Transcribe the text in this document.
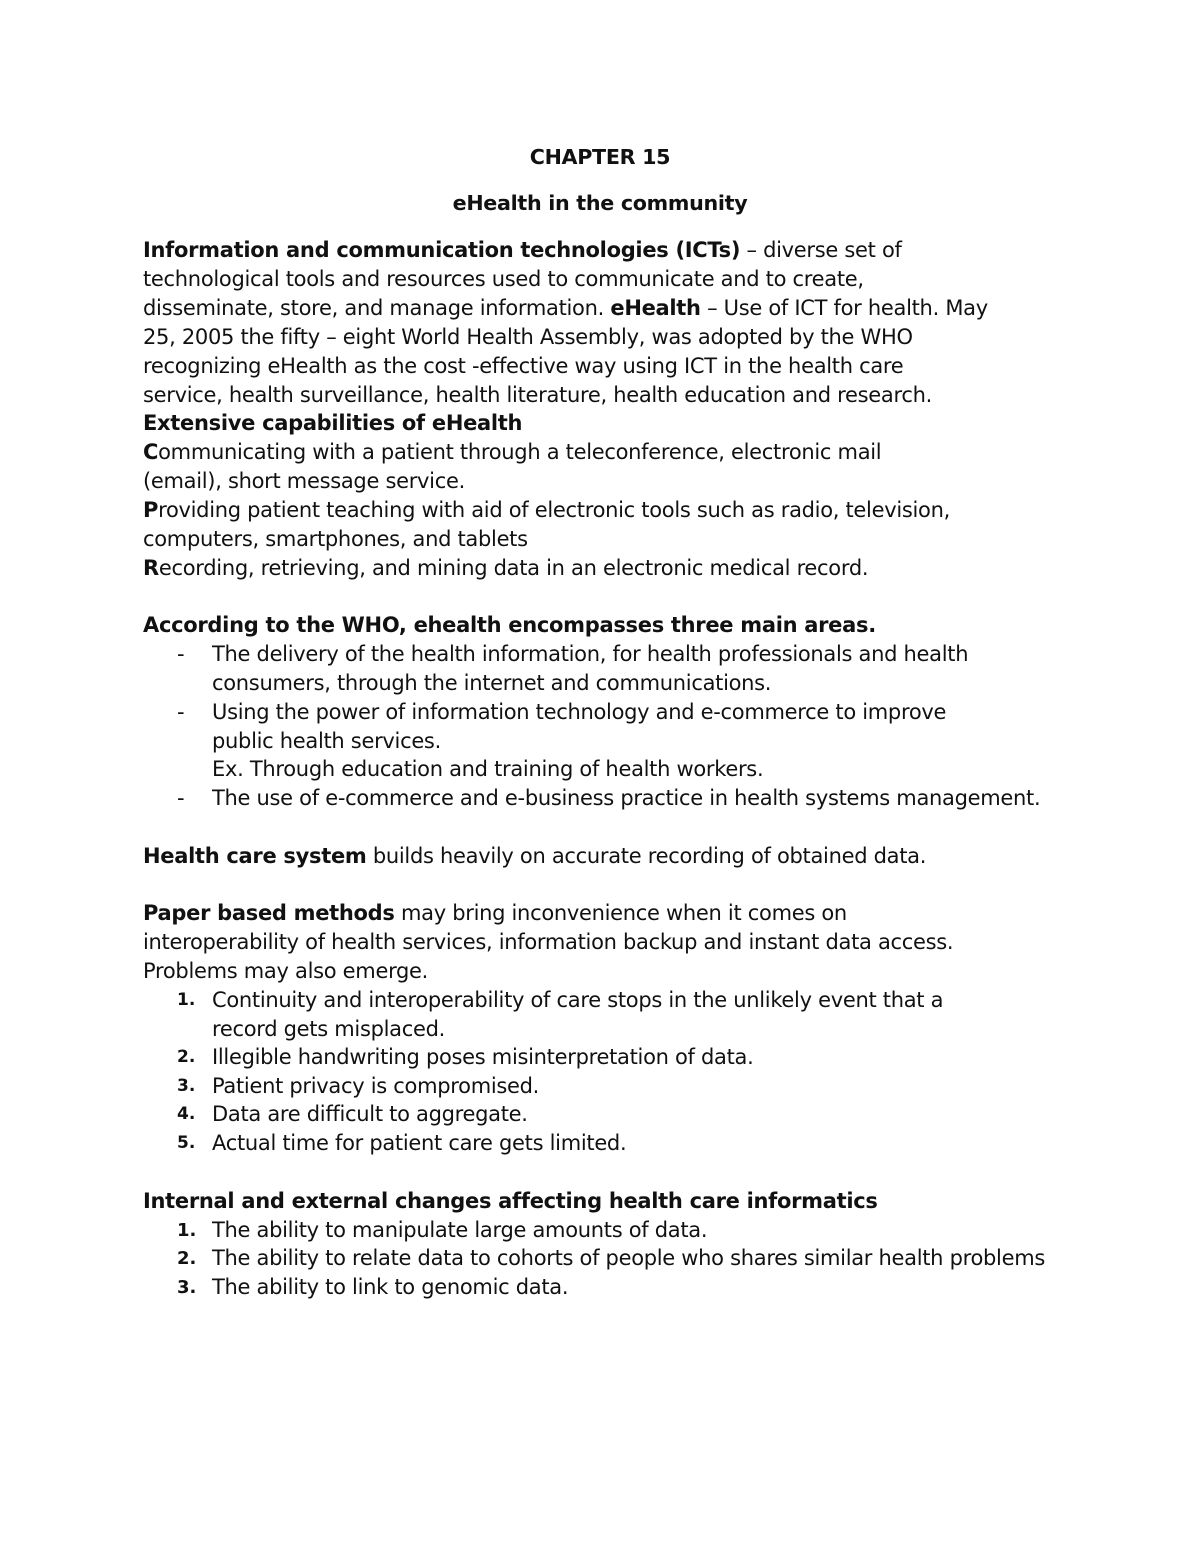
CHAPTER 15
eHealth in the community
Information and communication technologies (ICTs) – diverse set of
technological tools and resources used to communicate and to create,
disseminate, store, and manage information. eHealth – Use of ICT for health. May
25, 2005 the fifty – eight World Health Assembly, was adopted by the WHO
recognizing eHealth as the cost -effective way using ICT in the health care
service, health surveillance, health literature, health education and research.
Extensive capabilities of eHealth
Communicating with a patient through a teleconference, electronic mail
(email), short message service.
Providing patient teaching with aid of electronic tools such as radio, television,
computers, smartphones, and tablets
Recording, retrieving, and mining data in an electronic medical record.
According to the WHO, ehealth encompasses three main areas.
- The delivery of the health information, for health professionals and health
consumers, through the internet and communications.
- Using the power of information technology and e-commerce to improve
public health services.
Ex. Through education and training of health workers.
- The use of e-commerce and e-business practice in health systems management.
Health care system builds heavily on accurate recording of obtained data.
Paper based methods may bring inconvenience when it comes on
interoperability of health services, information backup and instant data access.
Problems may also emerge.
1. Continuity and interoperability of care stops in the unlikely event that a
record gets misplaced.
2. Illegible handwriting poses misinterpretation of data.
3. Patient privacy is compromised.
4. Data are difficult to aggregate.
5. Actual time for patient care gets limited.
Internal and external changes affecting health care informatics
1. The ability to manipulate large amounts of data.
2. The ability to relate data to cohorts of people who shares similar health problems
3. The ability to link to genomic data.
